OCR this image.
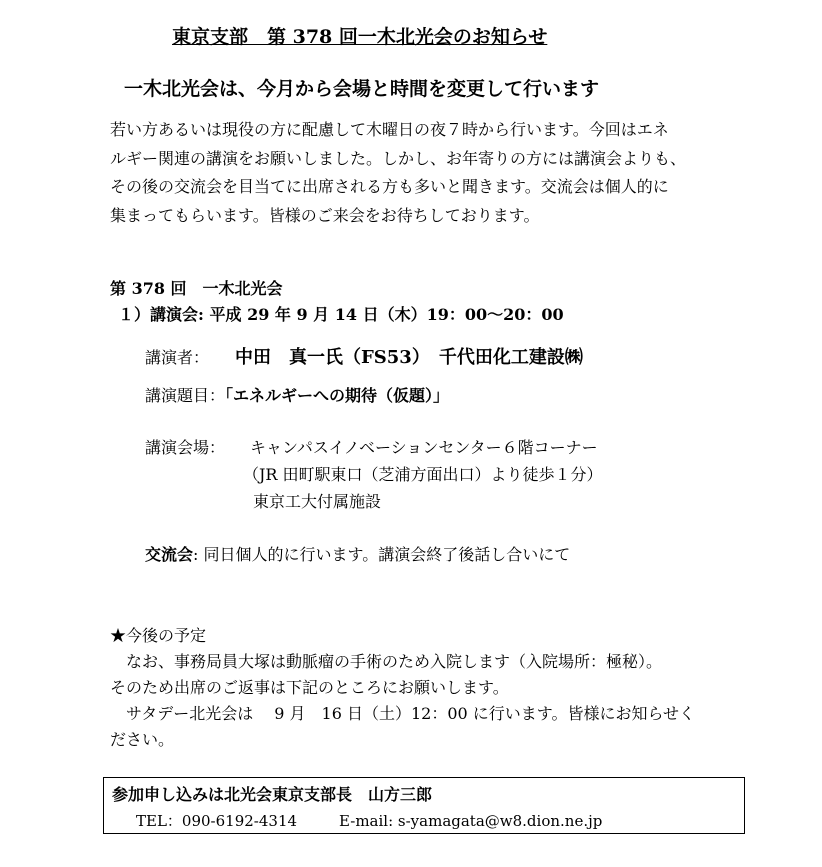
東京支部　第 378 回一木北光会のお知らせ
一木北光会は、今月から会場と時間を変更して行います
若い方あるいは現役の方に配慮して木曜日の夜７時から行います。今回はエネ
ルギー関連の講演をお願いしました。しかし、お年寄りの方には講演会よりも、
その後の交流会を目当てに出席される方も多いと聞きます。交流会は個人的に
集まってもらいます。皆様のご来会をお待ちしております。
第 378 回　一木北光会
１）講演会: 平成 29 年 9 月 14 日（木）19：00〜20：00
講演者： 中田　真一氏（FS53）　千代田化工建設㈱
講演題目：「エネルギーへの期待（仮題）」
講演会場： キャンパスイノベーションセンター６階コーナー
（JR 田町駅東口（芝浦方面出口）より徒歩１分）
東京工大付属施設
交流会: 同日個人的に行います。講演会終了後話し合いにて
★今後の予定
　なお、事務局員大塚は動脈瘤の手術のため入院します（入院場所：極秘）。
そのため出席のご返事は下記のところにお願いします。
　サタデー北光会は　 9 月　16 日（土）12：00 に行います。皆様にお知らせく
ださい。
参加申し込みは北光会東京支部長　山方三郎
TEL：090-6192-4314	E-mail: s-yamagata@w8.dion.ne.jp
